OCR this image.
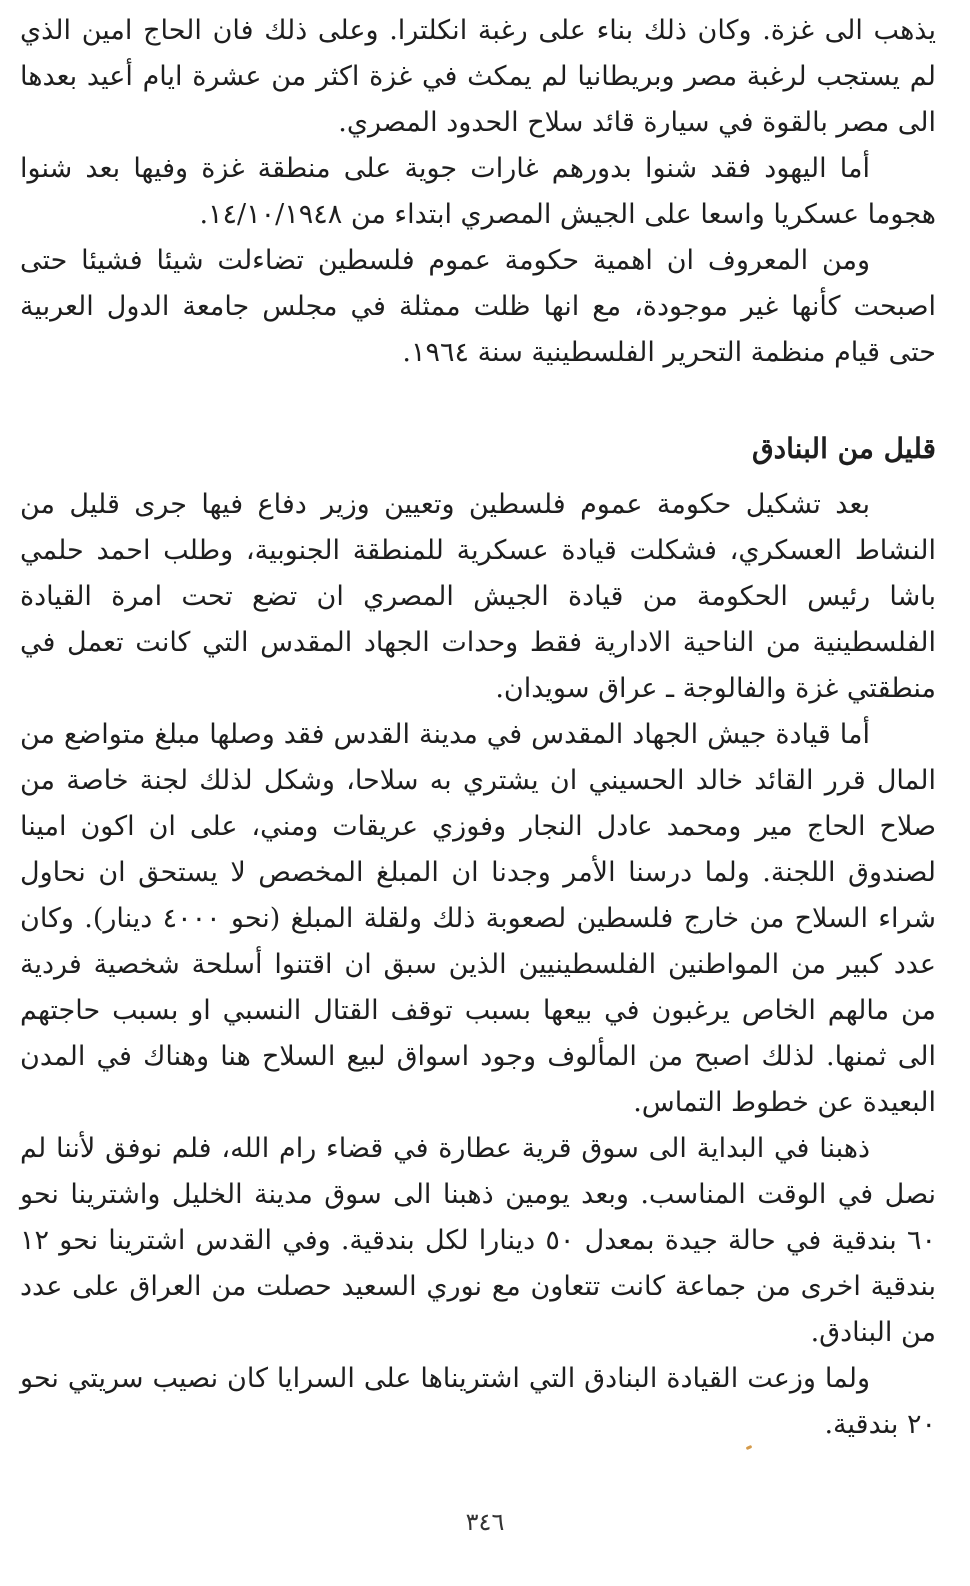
يذهب الى غزة. وكان ذلك بناء على رغبة انكلترا. وعلى ذلك فان الحاج امين الذي لم يستجب لرغبة مصر وبريطانيا لم يمكث في غزة اكثر من عشرة ايام أعيد بعدها الى مصر بالقوة في سيارة قائد سلاح الحدود المصري.

أما اليهود فقد شنوا بدورهم غارات جوية على منطقة غزة وفيها بعد شنوا هجوما عسكريا واسعا على الجيش المصري ابتداء من ١٤/١٠/١٩٤٨.

ومن المعروف ان اهمية حكومة عموم فلسطين تضاءلت شيئا فشيئا حتى اصبحت كأنها غير موجودة، مع انها ظلت ممثلة في مجلس جامعة الدول العربية حتى قيام منظمة التحرير الفلسطينية سنة ١٩٦٤.

قليل من البنادق

بعد تشكيل حكومة عموم فلسطين وتعيين وزير دفاع فيها جرى قليل من النشاط العسكري، فشكلت قيادة عسكرية للمنطقة الجنوبية، وطلب احمد حلمي باشا رئيس الحكومة من قيادة الجيش المصري ان تضع تحت امرة القيادة الفلسطينية من الناحية الادارية فقط وحدات الجهاد المقدس التي كانت تعمل في منطقتي غزة والفالوجة ـ عراق سويدان.

أما قيادة جيش الجهاد المقدس في مدينة القدس فقد وصلها مبلغ متواضع من المال قرر القائد خالد الحسيني ان يشتري به سلاحا، وشكل لذلك لجنة خاصة من صلاح الحاج مير ومحمد عادل النجار وفوزي عريقات ومني، على ان اكون امينا لصندوق اللجنة. ولما درسنا الأمر وجدنا ان المبلغ المخصص لا يستحق ان نحاول شراء السلاح من خارج فلسطين لصعوبة ذلك ولقلة المبلغ (نحو ٤٠٠٠ دينار). وكان عدد كبير من المواطنين الفلسطينيين الذين سبق ان اقتنوا أسلحة شخصية فردية من مالهم الخاص يرغبون في بيعها بسبب توقف القتال النسبي او بسبب حاجتهم الى ثمنها. لذلك اصبح من المألوف وجود اسواق لبيع السلاح هنا وهناك في المدن البعيدة عن خطوط التماس.

ذهبنا في البداية الى سوق قرية عطارة في قضاء رام الله، فلم نوفق لأننا لم نصل في الوقت المناسب. وبعد يومين ذهبنا الى سوق مدينة الخليل واشترينا نحو ٦٠ بندقية في حالة جيدة بمعدل ٥٠ دينارا لكل بندقية. وفي القدس اشترينا نحو ١٢ بندقية اخرى من جماعة كانت تتعاون مع نوري السعيد حصلت من العراق على عدد من البنادق.

ولما وزعت القيادة البنادق التي اشتريناها على السرايا كان نصيب سريتي نحو ٢٠ بندقية.

٣٤٦
